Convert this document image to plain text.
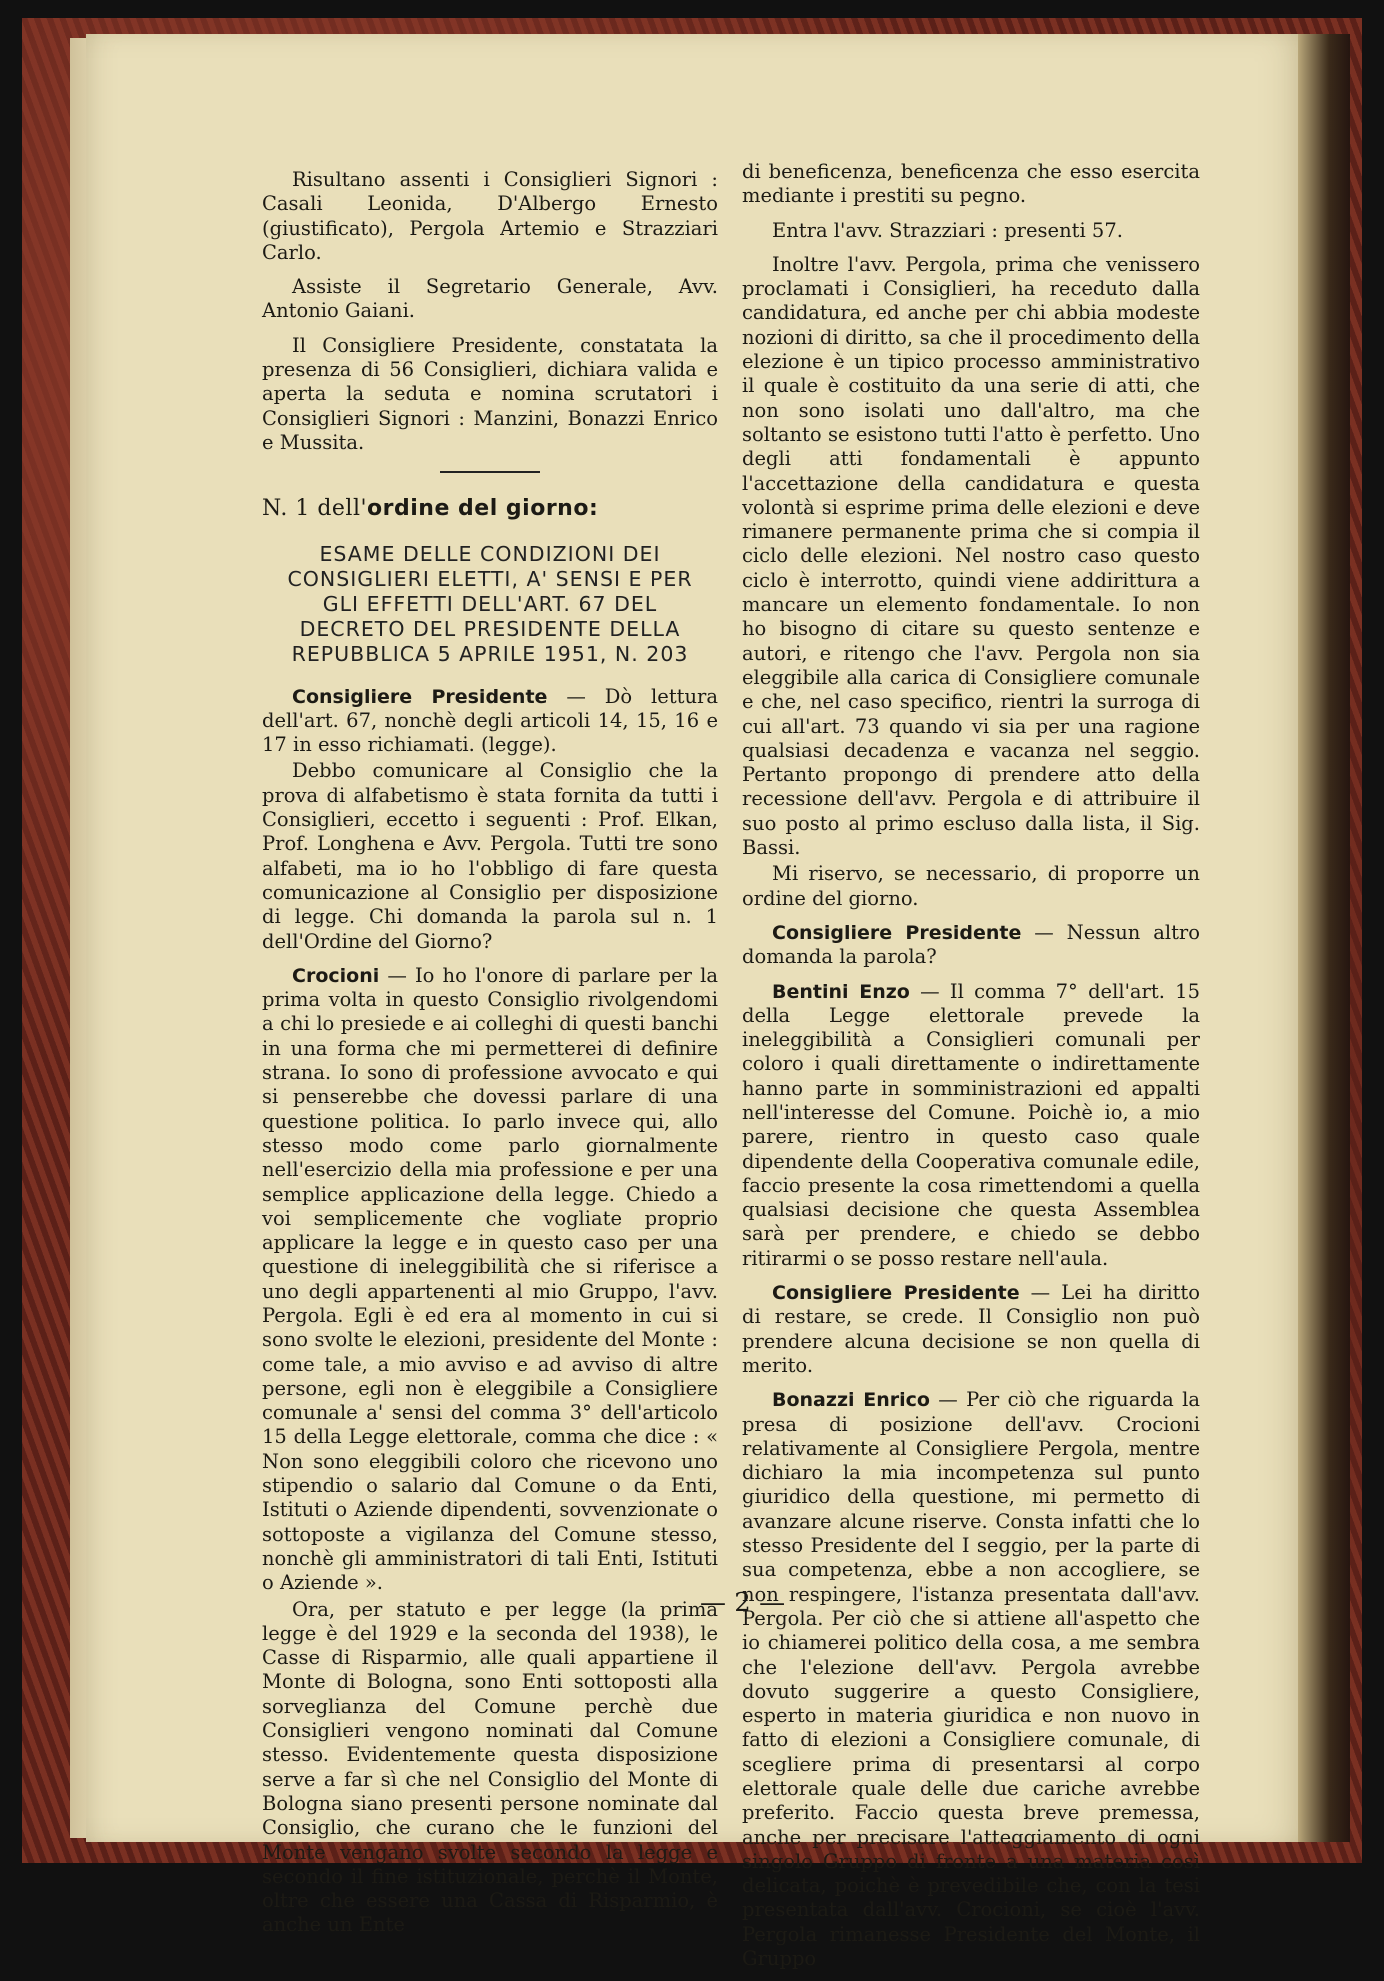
Risultano assenti i Consiglieri Signori : Casali Leonida, D'Albergo Ernesto (giustificato), Pergola Artemio e Strazziari Carlo.

Assiste il Segretario Generale, Avv. Antonio Gaiani.

Il Consigliere Presidente, constatata la presenza di 56 Consiglieri, dichiara valida e aperta la seduta e nomina scrutatori i Consiglieri Signori : Manzini, Bonazzi Enrico e Mussita.

N. 1 dell'ordine del giorno:
ESAME DELLE CONDIZIONI DEI CONSIGLIERI ELETTI, A' SENSI E PER GLI EFFETTI DELL'ART. 67 DEL DECRETO DEL PRESIDENTE DELLA REPUBBLICA 5 APRILE 1951, N. 203

Consigliere Presidente — Dò lettura dell'art. 67, nonchè degli articoli 14, 15, 16 e 17 in esso richiamati. (legge).

Debbo comunicare al Consiglio che la prova di alfabetismo è stata fornita da tutti i Consiglieri, eccetto i seguenti : Prof. Elkan, Prof. Longhena e Avv. Pergola. Tutti tre sono alfabeti, ma io ho l'obbligo di fare questa comunicazione al Consiglio per disposizione di legge. Chi domanda la parola sul n. 1 dell'Ordine del Giorno?

Crocioni — Io ho l'onore di parlare per la prima volta in questo Consiglio rivolgendomi a chi lo presiede e ai colleghi di questi banchi in una forma che mi permetterei di definire strana. Io sono di professione avvocato e qui si penserebbe che dovessi parlare di una questione politica. Io parlo invece qui, allo stesso modo come parlo giornalmente nell'esercizio della mia professione e per una semplice applicazione della legge. Chiedo a voi semplicemente che vogliate proprio applicare la legge e in questo caso per una questione di ineleggibilità che si riferisce a uno degli appartenenti al mio Gruppo, l'avv. Pergola. Egli è ed era al momento in cui si sono svolte le elezioni, presidente del Monte : come tale, a mio avviso e ad avviso di altre persone, egli non è eleggibile a Consigliere comunale a' sensi del comma 3° dell'articolo 15 della Legge elettorale, comma che dice : « Non sono eleggibili coloro che ricevono uno stipendio o salario dal Comune o da Enti, Istituti o Aziende dipendenti, sovvenzionate o sottoposte a vigilanza del Comune stesso, nonchè gli amministratori di tali Enti, Istituti o Aziende ».

Ora, per statuto e per legge (la prima legge è del 1929 e la seconda del 1938), le Casse di Risparmio, alle quali appartiene il Monte di Bologna, sono Enti sottoposti alla sorveglianza del Comune perchè due Consiglieri vengono nominati dal Comune stesso. Evidentemente questa disposizione serve a far sì che nel Consiglio del Monte di Bologna siano presenti persone nominate dal Consiglio, che curano che le funzioni del Monte vengano svolte secondo la legge e secondo il fine istituzionale, perchè il Monte, oltre che essere una Cassa di Risparmio, è anche un Ente

di beneficenza, beneficenza che esso esercita mediante i prestiti su pegno.

Entra l'avv. Strazziari : presenti 57.

Inoltre l'avv. Pergola, prima che venissero proclamati i Consiglieri, ha receduto dalla candidatura, ed anche per chi abbia modeste nozioni di diritto, sa che il procedimento della elezione è un tipico processo amministrativo il quale è costituito da una serie di atti, che non sono isolati uno dall'altro, ma che soltanto se esistono tutti l'atto è perfetto. Uno degli atti fondamentali è appunto l'accettazione della candidatura e questa volontà si esprime prima delle elezioni e deve rimanere permanente prima che si compia il ciclo delle elezioni. Nel nostro caso questo ciclo è interrotto, quindi viene addirittura a mancare un elemento fondamentale. Io non ho bisogno di citare su questo sentenze e autori, e ritengo che l'avv. Pergola non sia eleggibile alla carica di Consigliere comunale e che, nel caso specifico, rientri la surroga di cui all'art. 73 quando vi sia per una ragione qualsiasi decadenza e vacanza nel seggio. Pertanto propongo di prendere atto della recessione dell'avv. Pergola e di attribuire il suo posto al primo escluso dalla lista, il Sig. Bassi.

Mi riservo, se necessario, di proporre un ordine del giorno.

Consigliere Presidente — Nessun altro domanda la parola?

Bentini Enzo — Il comma 7° dell'art. 15 della Legge elettorale prevede la ineleggibilità a Consiglieri comunali per coloro i quali direttamente o indirettamente hanno parte in somministrazioni ed appalti nell'interesse del Comune. Poichè io, a mio parere, rientro in questo caso quale dipendente della Cooperativa comunale edile, faccio presente la cosa rimettendomi a quella qualsiasi decisione che questa Assemblea sarà per prendere, e chiedo se debbo ritirarmi o se posso restare nell'aula.

Consigliere Presidente — Lei ha diritto di restare, se crede. Il Consiglio non può prendere alcuna decisione se non quella di merito.

Bonazzi Enrico — Per ciò che riguarda la presa di posizione dell'avv. Crocioni relativamente al Consigliere Pergola, mentre dichiaro la mia incompetenza sul punto giuridico della questione, mi permetto di avanzare alcune riserve. Consta infatti che lo stesso Presidente del I seggio, per la parte di sua competenza, ebbe a non accogliere, se non respingere, l'istanza presentata dall'avv. Pergola. Per ciò che si attiene all'aspetto che io chiamerei politico della cosa, a me sembra che l'elezione dell'avv. Pergola avrebbe dovuto suggerire a questo Consigliere, esperto in materia giuridica e non nuovo in fatto di elezioni a Consigliere comunale, di scegliere prima di presentarsi al corpo elettorale quale delle due cariche avrebbe preferito. Faccio questa breve premessa, anche per precisare l'atteggiamento di ogni singolo Gruppo di fronte a una materia così delicata, poichè è prevedibile che, con la tesi presentata dall'avv. Crocioni, se cioè l'avv. Pergola rimanesse Presidente del Monte, il Gruppo

— 2 —
